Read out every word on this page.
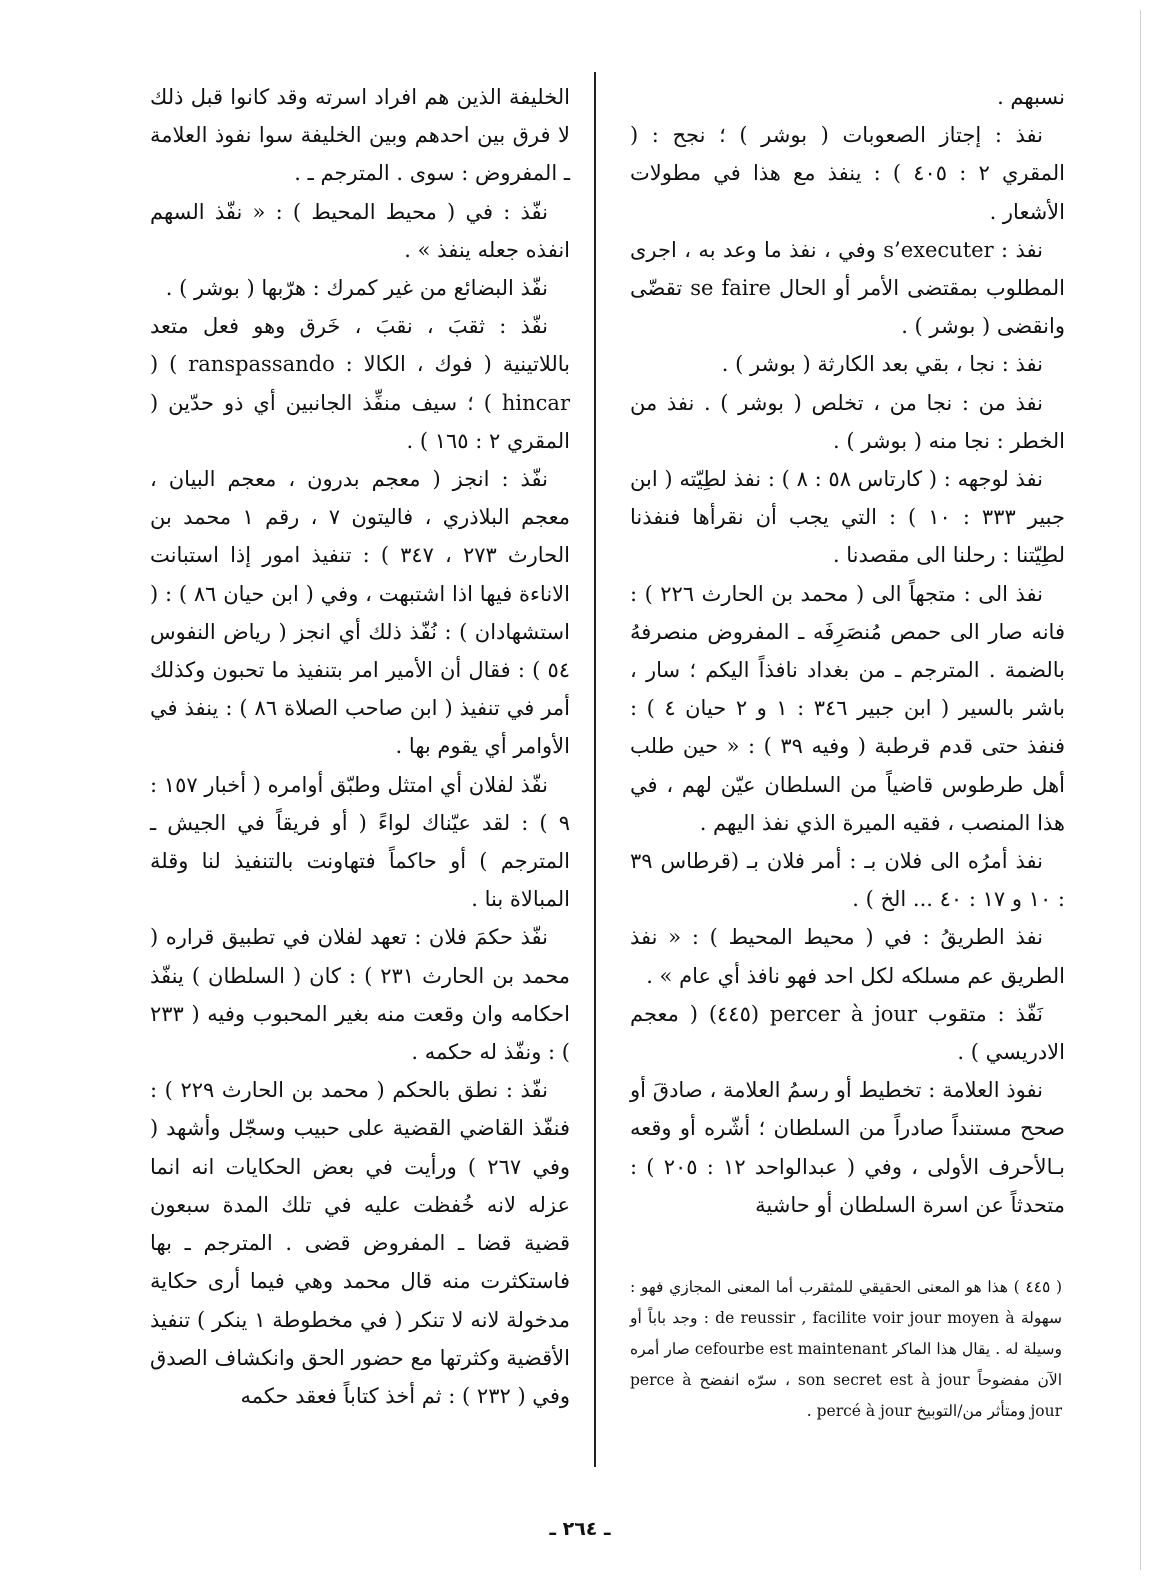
نسبهم .

نفذ : إجتاز الصعوبات ( بوشر ) ؛ نجح : ( المقري ٢ : ٤٠٥ ) : ينفذ مع هذا في مطولات الأشعار .

نفذ : s’executer وفي ، نفذ ما وعد به ، اجرى المطلوب بمقتضى الأمر أو الحال se faire تقضّى وانقضى ( بوشر ) .

نفذ : نجا ، بقي بعد الكارثة ( بوشر ) .

نفذ من : نجا من ، تخلص ( بوشر ) . نفذ من الخطر : نجا منه ( بوشر ) .

نفذ لوجهه : ( كارتاس ٥٨ : ٨ ) : نفذ لطِيّته ( ابن جبير ٣٣٣ : ١٠ ) : التي يجب أن نقرأها فنفذنا لطِيّتنا : رحلنا الى مقصدنا .

نفذ الى : متجهاً الى ( محمد بن الحارث ٢٢٦ ) : فانه صار الى حمص مُنصَرِفَه ـ المفروض منصرفهُ بالضمة . المترجم ـ من بغداد نافذاً اليكم ؛ سار ، باشر بالسير ( ابن جبير ٣٤٦ : ١ و ٢ حيان ٤ ) : فنفذ حتى قدم قرطبة ( وفيه ٣٩ ) : « حين طلب أهل طرطوس قاضياً من السلطان عيّن لهم ، في هذا المنصب ، فقيه الميرة الذي نفذ اليهم .

نفذ أمرُه الى فلان بـ : أمر فلان بـ (قرطاس ٣٩ : ١٠ و ١٧ : ٤٠ ... الخ ) .

نفذ الطريقُ : في ( محيط المحيط ) : « نفذ الطريق عم مسلكه لكل احد فهو نافذ أي عام » .

نَفّذ : متقوب percer à jour (٤٤٥) ( معجم الادريسي ) .

نفوذ العلامة : تخطيط أو رسمُ العلامة ، صادقَ أو صحح مستنداً صادراً من السلطان ؛ أشّره أو وقعه بـالأحرف الأولى ، وفي ( عبدالواحد ١٢ : ٢٠٥ ) : متحدثاً عن اسرة السلطان أو حاشية

الخليفة الذين هم افراد اسرته وقد كانوا قبل ذلك لا فرق بين احدهم وبين الخليفة سوا نفوذ العلامة ـ المفروض : سوى . المترجم ـ .

نفّذ : في ( محيط المحيط ) : « نفّذ السهم انفذه جعله ينفذ » .

نفّذ البضائع من غير كمرك : هرّبها ( بوشر ) .

نفّذ : ثقبَ ، نقبَ ، خَرق وهو فعل متعد باللاتينية ( فوك ، الكالا : ranspassando ) ( hincar ) ؛ سيف منفِّذ الجانبين أي ذو حدّين ( المقري ٢ : ١٦٥ ) .

نفّذ : انجز ( معجم بدرون ، معجم البيان ، معجم البلاذري ، فاليتون ٧ ، رقم ١ محمد بن الحارث ٢٧٣ ، ٣٤٧ ) : تنفيذ امور إذا استبانت الاناءة فيها اذا اشتبهت ، وفي ( ابن حيان ٨٦ ) : ( استشهادان ) : نُفّذ ذلك أي انجز ( رياض النفوس ٥٤ ) : فقال أن الأمير امر بتنفيذ ما تحبون وكذلك أمر في تنفيذ ( ابن صاحب الصلاة ٨٦ ) : ينفذ في الأوامر أي يقوم بها .

نفّذ لفلان أي امتثل وطبّق أوامره ( أخبار ١٥٧ : ٩ ) : لقد عيّناك لواءً ( أو فريقاً في الجيش ـ المترجم ) أو حاكماً فتهاونت بالتنفيذ لنا وقلة المبالاة بنا .

نفّذ حكمَ فلان : تعهد لفلان في تطبيق قراره ( محمد بن الحارث ٢٣١ ) : كان ( السلطان ) ينفّذ احكامه وان وقعت منه بغير المحبوب وفيه ( ٢٣٣ ) : ونفّذ له حكمه .

نفّذ : نطق بالحكم ( محمد بن الحارث ٢٢٩ ) : فنفّذ القاضي القضية على حبيب وسجّل وأشهد ( وفي ٢٦٧ ) ورأيت في بعض الحكايات انه انما عزله لانه خُفظت عليه في تلك المدة سبعون قضية قضا ـ المفروض قضى . المترجم ـ بها فاستكثرت منه قال محمد وهي فيما أرى حكاية مدخولة لانه لا تنكر ( في مخطوطة ١ ينكر ) تنفيذ الأقضية وكثرتها مع حضور الحق وانكشاف الصدق وفي ( ٢٣٢ ) : ثم أخذ كتاباً فعقد حكمه

( ٤٤٥ ) هذا هو المعنى الحقيقي للمثقرب أما المعنى المجازي فهو : سهولة de reussir , facilite voir jour moyen à : وجد باباً أو وسيلة له . يقال هذا الماكر cefourbe est maintenant صار أمره الآن مفضوحاً son secret est à jour ، سرّه انفضح perce à jour ومتأثر من/التوبيخ percé à jour .

ـ ٢٦٤ ـ
